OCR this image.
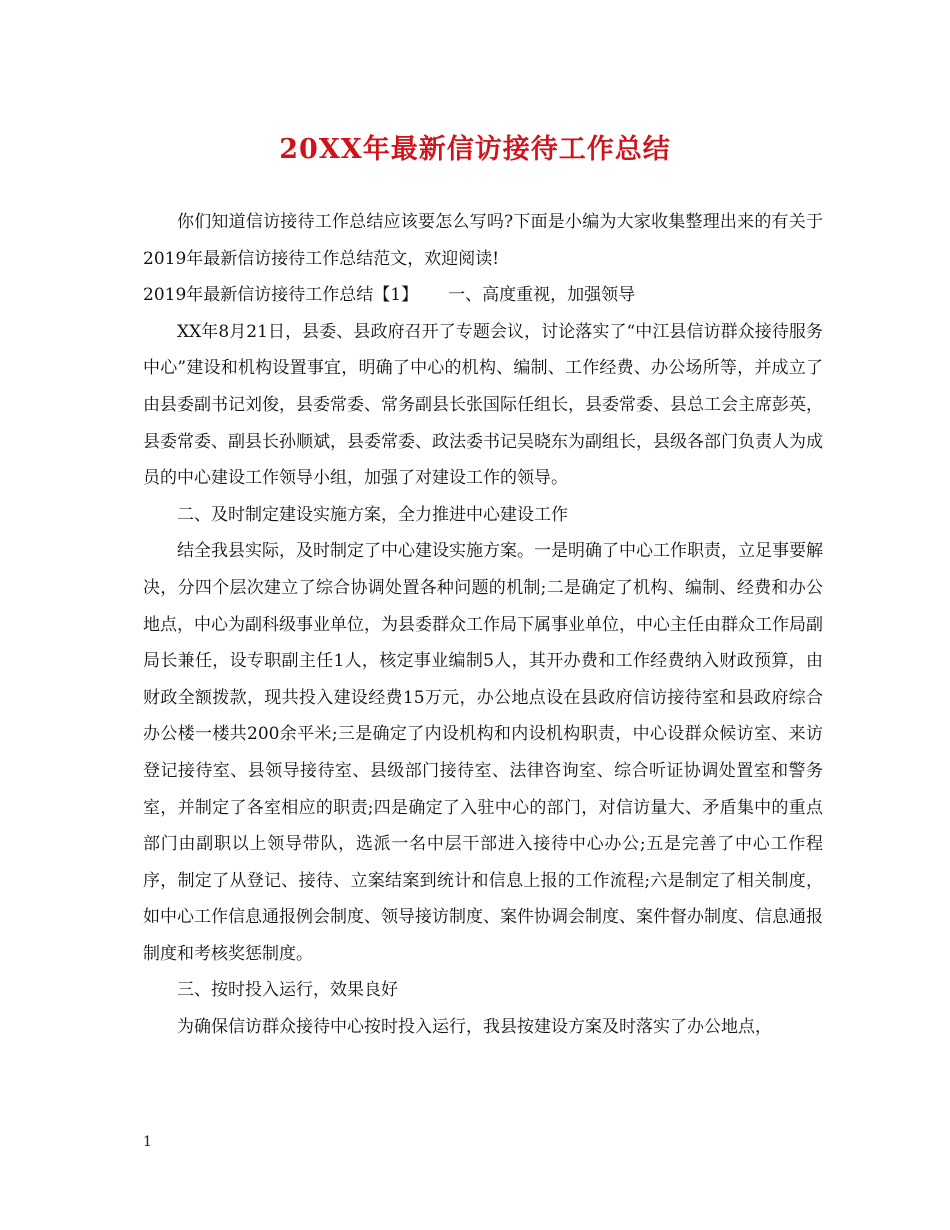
20XX年最新信访接待工作总结

你们知道信访接待工作总结应该要怎么写吗?下面是小编为大家收集整理出来的有关于2019年最新信访接待工作总结范文，欢迎阅读!

2019年最新信访接待工作总结【1】 一、高度重视，加强领导

XX年8月21日，县委、县政府召开了专题会议，讨论落实了“中江县信访群众接待服务中心”建设和机构设置事宜，明确了中心的机构、编制、工作经费、办公场所等，并成立了由县委副书记刘俊，县委常委、常务副县长张国际任组长，县委常委、县总工会主席彭英，县委常委、副县长孙顺斌，县委常委、政法委书记吴晓东为副组长，县级各部门负责人为成员的中心建设工作领导小组，加强了对建设工作的领导。

二、及时制定建设实施方案，全力推进中心建设工作

结全我县实际，及时制定了中心建设实施方案。一是明确了中心工作职责，立足事要解决，分四个层次建立了综合协调处置各种问题的机制;二是确定了机构、编制、经费和办公地点，中心为副科级事业单位，为县委群众工作局下属事业单位，中心主任由群众工作局副局长兼任，设专职副主任1人，核定事业编制5人，其开办费和工作经费纳入财政预算，由财政全额拨款，现共投入建设经费15万元，办公地点设在县政府信访接待室和县政府综合办公楼一楼共200余平米;三是确定了内设机构和内设机构职责，中心设群众候访室、来访登记接待室、县领导接待室、县级部门接待室、法律咨询室、综合听证协调处置室和警务室，并制定了各室相应的职责;四是确定了入驻中心的部门，对信访量大、矛盾集中的重点部门由副职以上领导带队，选派一名中层干部进入接待中心办公;五是完善了中心工作程序，制定了从登记、接待、立案结案到统计和信息上报的工作流程;六是制定了相关制度，如中心工作信息通报例会制度、领导接访制度、案件协调会制度、案件督办制度、信息通报制度和考核奖惩制度。

三、按时投入运行，效果良好

为确保信访群众接待中心按时投入运行，我县按建设方案及时落实了办公地点，

1
